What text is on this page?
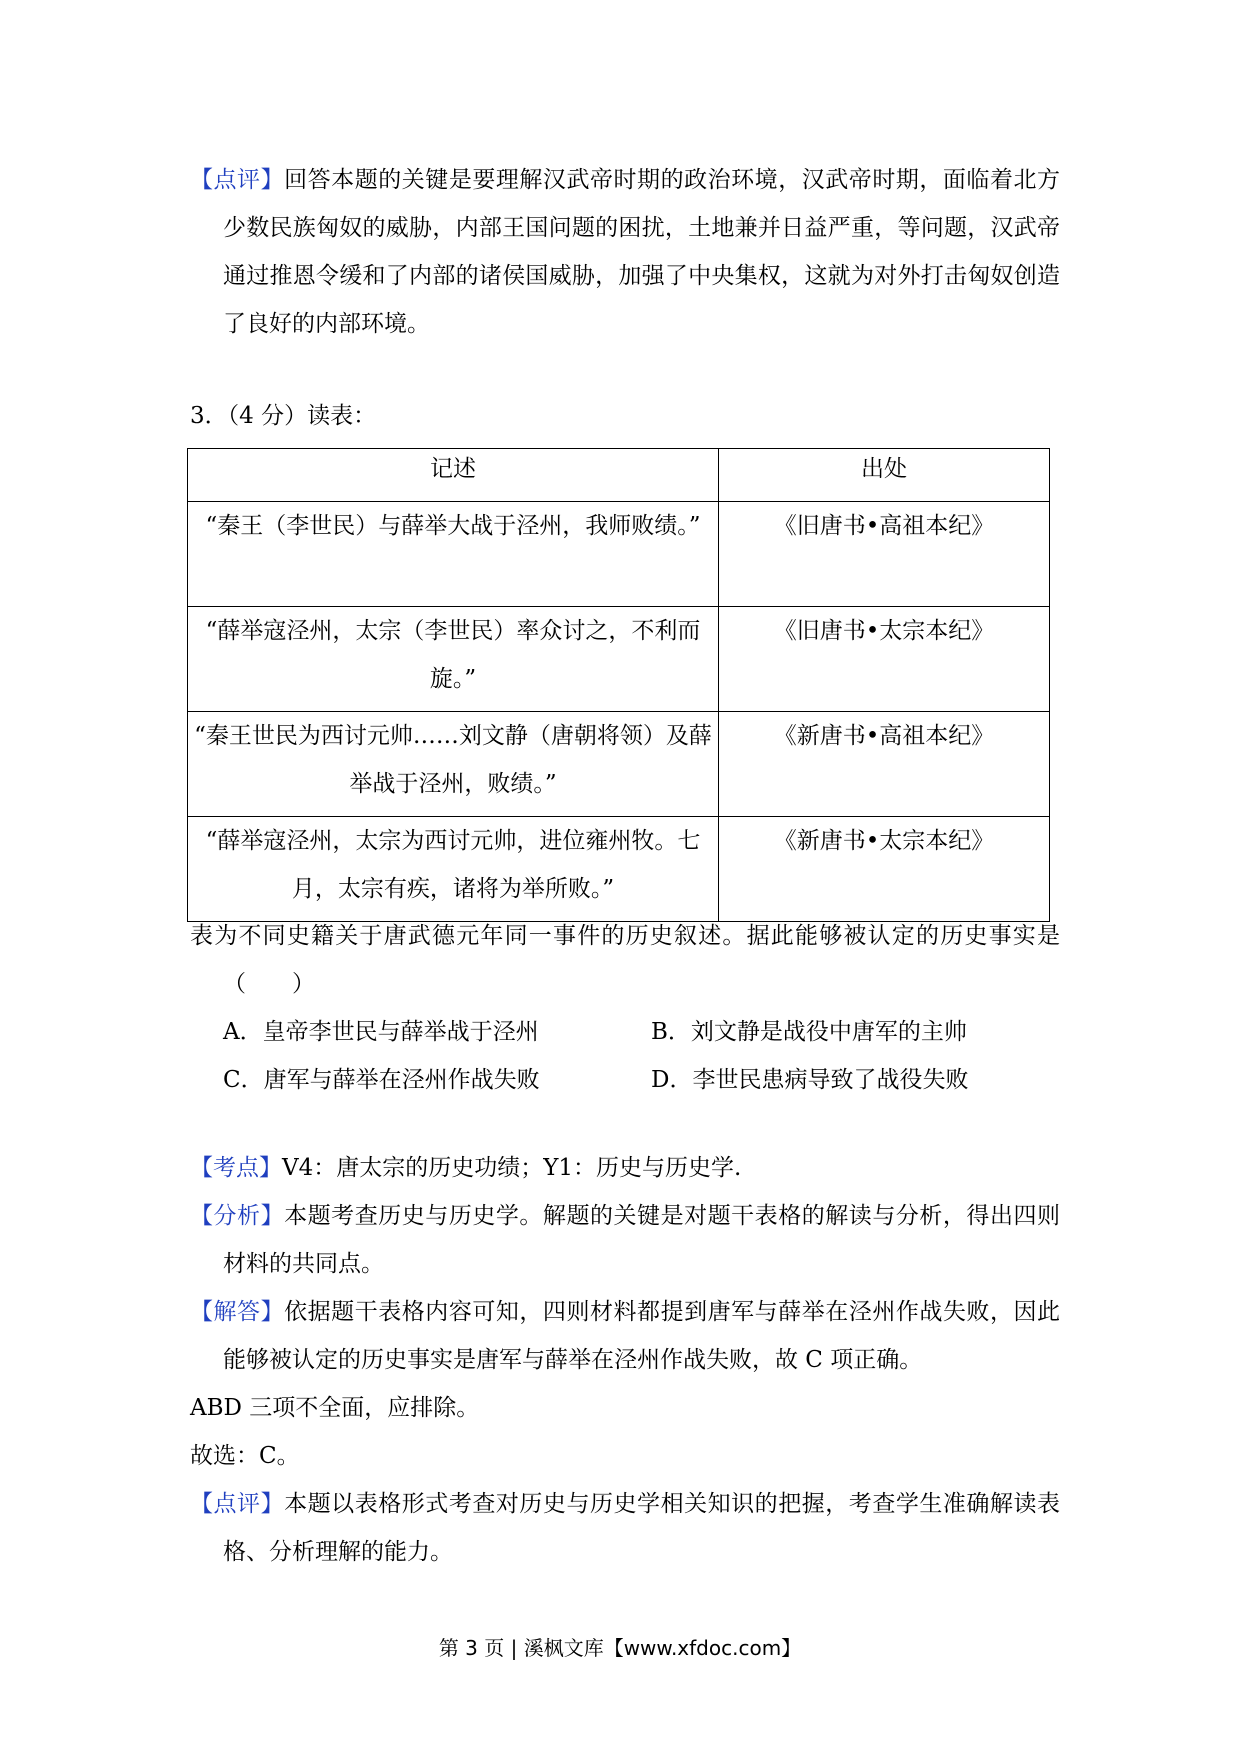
【点评】回答本题的关键是要理解汉武帝时期的政治环境，汉武帝时期，面临着北方少数民族匈奴的威胁，内部王国问题的困扰，土地兼并日益严重，等问题，汉武帝通过推恩令缓和了内部的诸侯国威胁，加强了中央集权，这就为对外打击匈奴创造了良好的内部环境。
3．（4 分）读表：
记述	出处
“秦王（李世民）与薛举大战于泾州，我师败绩。”	《旧唐书•高祖本纪》
“薛举寇泾州，太宗（李世民）率众讨之，不利而旋。”	《旧唐书•太宗本纪》
“秦王世民为西讨元帅……刘文静（唐朝将领）及薛举战于泾州，败绩。”	《新唐书•高祖本纪》
“薛举寇泾州，太宗为西讨元帅，进位雍州牧。七月，太宗有疾，诸将为举所败。”	《新唐书•太宗本纪》
表为不同史籍关于唐武德元年同一事件的历史叙述。据此能够被认定的历史事实是（　　）
A．皇帝李世民与薛举战于泾州	B．刘文静是战役中唐军的主帅
C．唐军与薛举在泾州作战失败	D．李世民患病导致了战役失败
【考点】V4：唐太宗的历史功绩；Y1：历史与历史学.
【分析】本题考查历史与历史学。解题的关键是对题干表格的解读与分析，得出四则材料的共同点。
【解答】依据题干表格内容可知，四则材料都提到唐军与薛举在泾州作战失败，因此能够被认定的历史事实是唐军与薛举在泾州作战失败，故 C 项正确。
ABD 三项不全面，应排除。
故选：C。
【点评】本题以表格形式考查对历史与历史学相关知识的把握，考查学生准确解读表格、分析理解的能力。
第 3 页 | 溪枫文库【www.xfdoc.com】
